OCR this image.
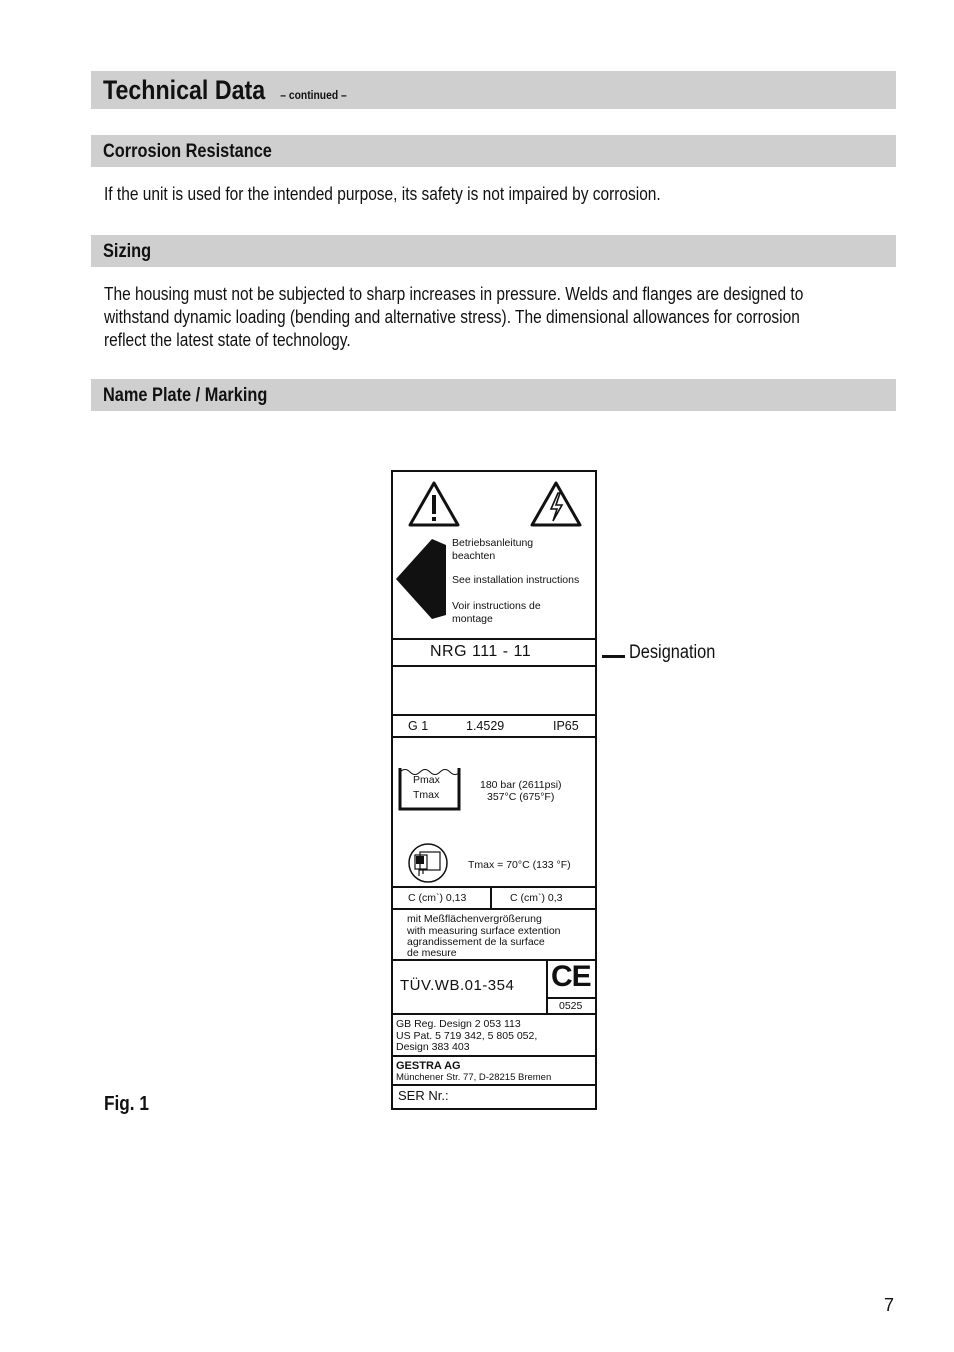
Technical Data – continued –
Corrosion Resistance
If the unit is used for the intended purpose, its safety is not impaired by corrosion.
Sizing
The housing must not be subjected to sharp increases in pressure. Welds and flanges are designed to
withstand dynamic loading (bending and alternative stress). The dimensional allowances for corrosion
reflect the latest state of technology.
Name Plate / Marking
Betriebsanleitung
beachten
See installation instructions
Voir instructions de
montage
NRG 111 - 11
G 1	1.4529	IP65
Pmax
Tmax
180 bar (2611psi)
357°C (675°F)
Tmax = 70°C (133 °F)
C (cm`) 0,13	C (cm`) 0,3
mit Meßflächenvergrößerung
with measuring surface extention
agrandissement de la surface
de mesure
TÜV.WB.01-354 CE
0525
GB Reg. Design 2 053 113
US Pat. 5 719 342, 5 805 052,
Design 383 403
GESTRA AG
Münchener Str. 77, D-28215 Bremen
SER Nr.:
Designation
Fig. 1
7
